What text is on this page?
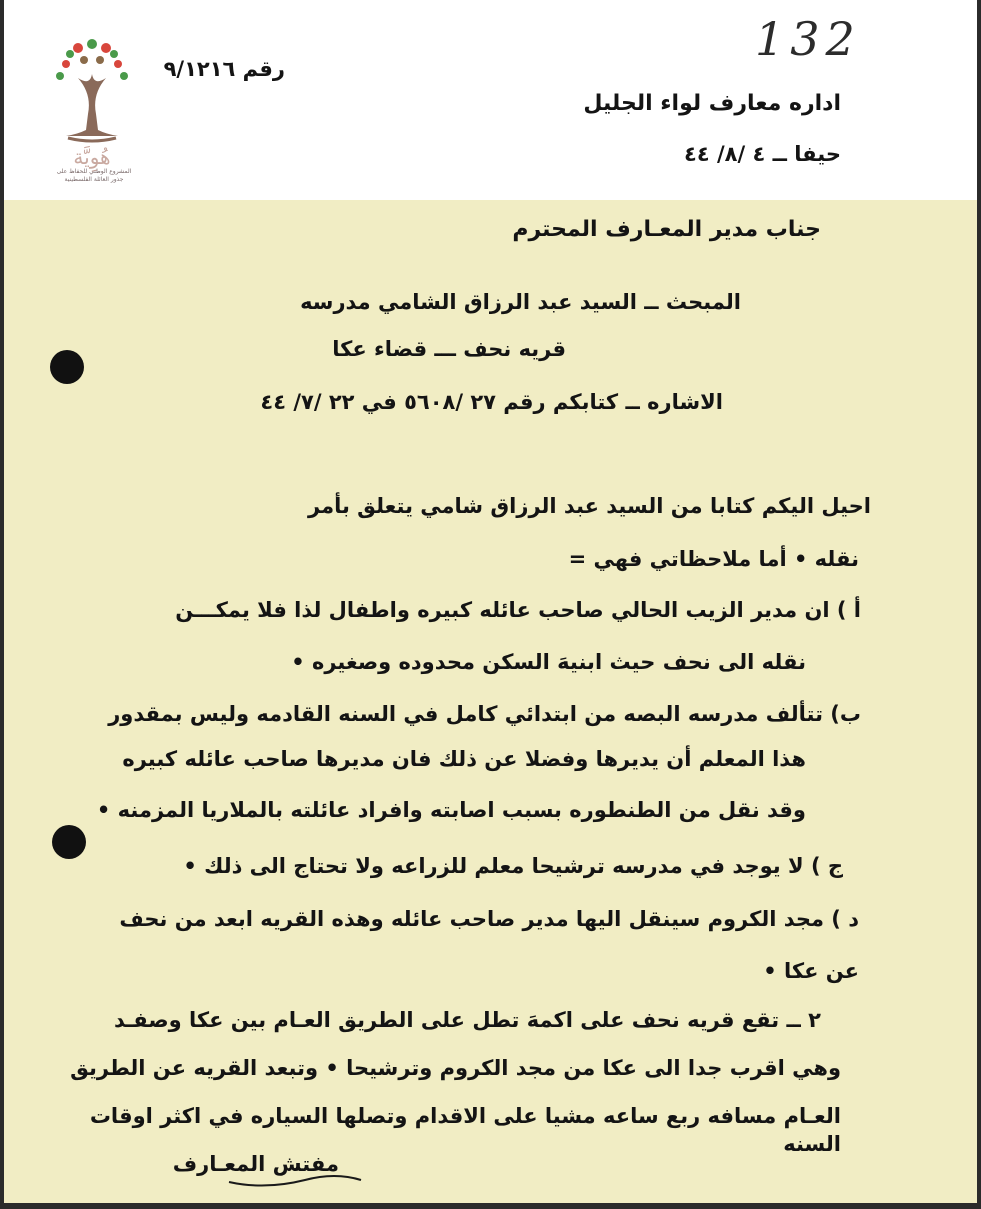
هُوِيَّة
المشروع الوطني للحفاظ على
جذور العائلة الفلسطينية
132
رقم ٩/١٢١٦
اداره معارف لواء الجليل
حيفا ــ ٤ /٨/ ٤٤
جناب مدير المعـارف المحترم
المبحث ــ السيد عبد الرزاق الشامي مدرسه
قريه نحف ـــ قضاء عكا
الاشاره ــ كتابكم رقم ٢٧ /٥٦٠٨ في ٢٢ /٧/ ٤٤
احيل اليكم كتابا من السيد عبد الرزاق شامي يتعلق بأمر
نقله • أما ملاحظاتي فهي =
أ ) ان مدير الزيب الحالي صاحب عائله كبيره واطفال لذا فلا يمكـــن
نقله الى نحف حيث ابنيهَ السكن محدوده وصغيره •
ب) تتألف مدرسه البصه من ابتدائي كامل في السنه القادمه وليس بمقدور
هذا المعلم أن يديرها وفضلا عن ذلك فان مديرها صاحب عائله كبيره
وقد نقل من الطنطوره بسبب اصابته وافراد عائلته بالملاريا المزمنه •
ج ) لا يوجد في مدرسه ترشيحا معلم للزراعه ولا تحتاج الى ذلك •
د ) مجد الكروم سينقل اليها مدير صاحب عائله وهذه القريه ابعد من نحف
عن عكا •
٢ ــ تقع قريه نحف على اكمهَ تطل على الطريق العـام بين عكا وصفـد
وهي اقرب جدا الى عكا من مجد الكروم وترشيحا • وتبعد القريه عن الطريق
العـام مسافه ربع ساعه مشيا على الاقدام وتصلها السياره في اكثر اوقات
السنه
مفتش المعـارف
